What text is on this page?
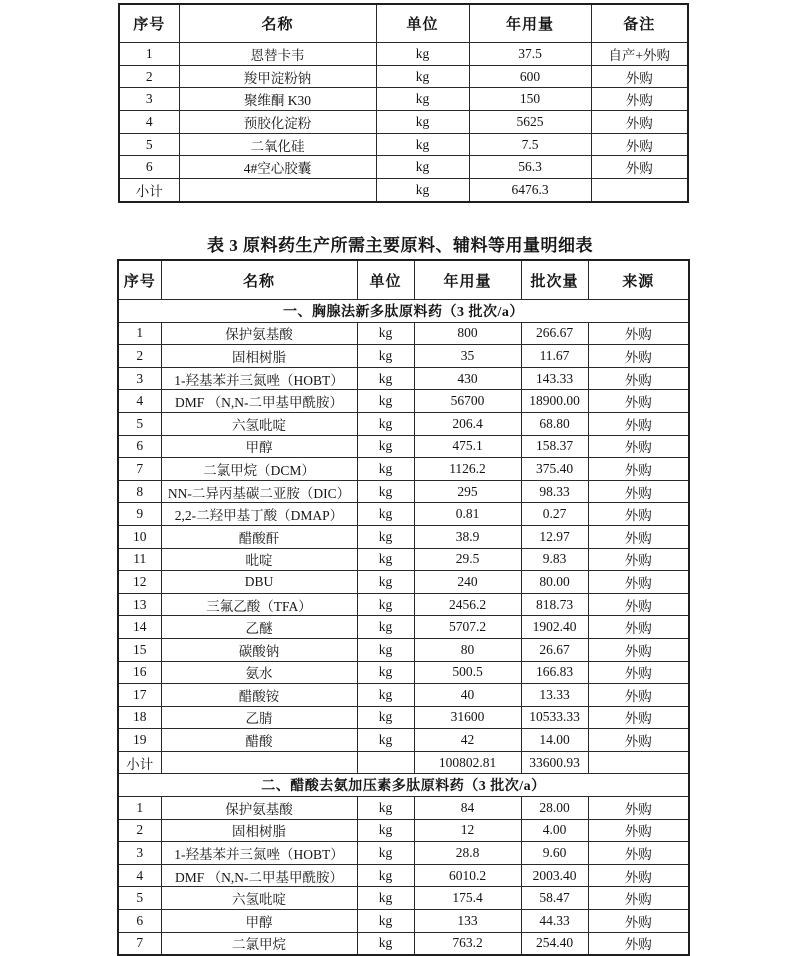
序号	名称	单位	年用量	备注
1	恩替卡韦	kg	37.5	自产+外购
2	羧甲淀粉钠	kg	600	外购
3	聚维酮 K30	kg	150	外购
4	预胶化淀粉	kg	5625	外购
5	二氧化硅	kg	7.5	外购
6	4#空心胶囊	kg	56.3	外购
小计		kg	6476.3	
表 3 原料药生产所需主要原料、辅料等用量明细表
序号	名称	单位	年用量	批次量	来源
一、胸腺法新多肽原料药（3 批次/a）					
1	保护氨基酸	kg	800	266.67	外购
2	固相树脂	kg	35	11.67	外购
3	1-羟基苯并三氮唑（HOBT）	kg	430	143.33	外购
4	DMF （N,N-二甲基甲酰胺）	kg	56700	18900.00	外购
5	六氢吡啶	kg	206.4	68.80	外购
6	甲醇	kg	475.1	158.37	外购
7	二氯甲烷（DCM）	kg	1126.2	375.40	外购
8	NN-二异丙基碳二亚胺（DIC）	kg	295	98.33	外购
9	2,2-二羟甲基丁酸（DMAP）	kg	0.81	0.27	外购
10	醋酸酐	kg	38.9	12.97	外购
11	吡啶	kg	29.5	9.83	外购
12	DBU	kg	240	80.00	外购
13	三氟乙酸（TFA）	kg	2456.2	818.73	外购
14	乙醚	kg	5707.2	1902.40	外购
15	碳酸钠	kg	80	26.67	外购
16	氨水	kg	500.5	166.83	外购
17	醋酸铵	kg	40	13.33	外购
18	乙腈	kg	31600	10533.33	外购
19	醋酸	kg	42	14.00	外购
小计			100802.81	33600.93	
二、醋酸去氨加压素多肽原料药（3 批次/a）					
1	保护氨基酸	kg	84	28.00	外购
2	固相树脂	kg	12	4.00	外购
3	1-羟基苯并三氮唑（HOBT）	kg	28.8	9.60	外购
4	DMF （N,N-二甲基甲酰胺）	kg	6010.2	2003.40	外购
5	六氢吡啶	kg	175.4	58.47	外购
6	甲醇	kg	133	44.33	外购
7	二氯甲烷	kg	763.2	254.40	外购
